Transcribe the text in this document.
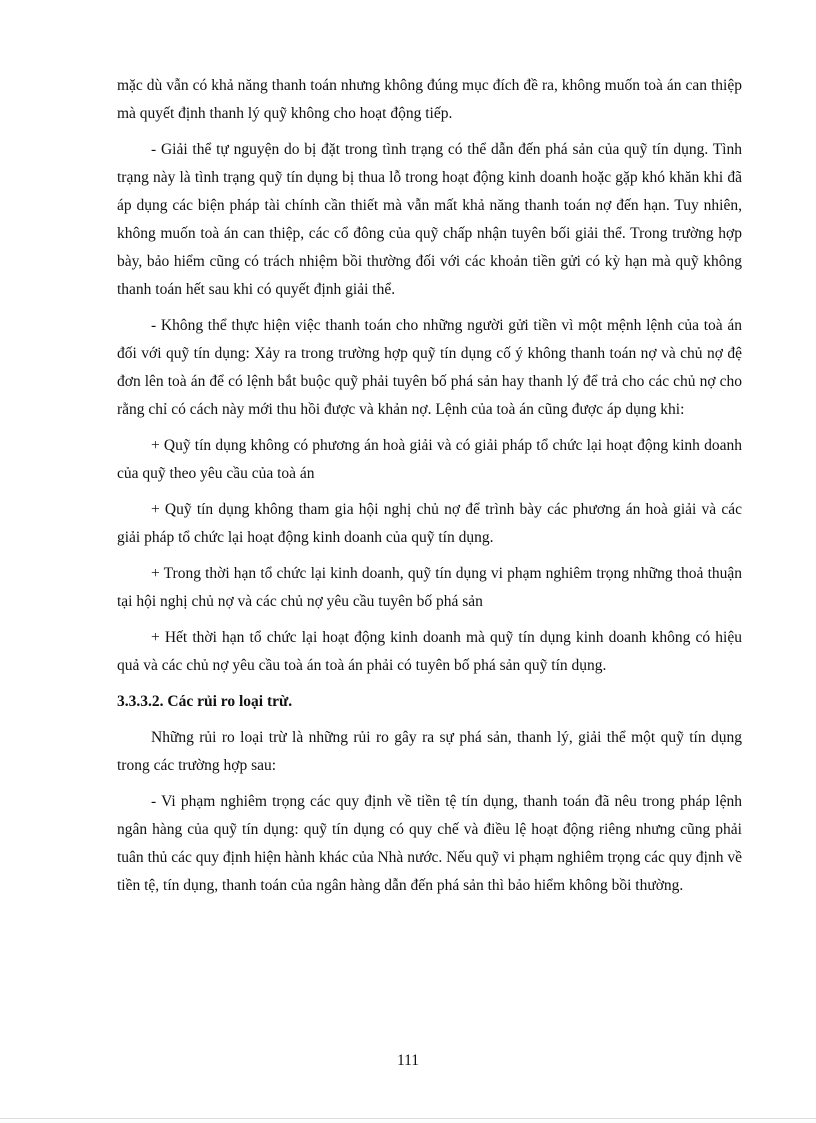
mặc dù vẫn có khả năng thanh toán nhưng không đúng mục đích đề ra, không muốn toà án can thiệp mà quyết định thanh lý quỹ không cho hoạt động tiếp.

- Giải thể tự nguyện do bị đặt trong tình trạng có thể dẫn đến phá sản của quỹ tín dụng. Tình trạng này là tình trạng quỹ tín dụng bị thua lỗ trong hoạt động kinh doanh hoặc gặp khó khăn khi đã áp dụng các biện pháp tài chính cần thiết mà vẫn mất khả năng thanh toán nợ đến hạn. Tuy nhiên, không muốn toà án can thiệp, các cổ đông của quỹ chấp nhận tuyên bối giải thể. Trong trường hợp bày, bảo hiểm cũng có trách nhiệm bồi thường đối với các khoản tiền gửi có kỳ hạn mà quỹ không thanh toán hết sau khi có quyết định giải thể.

- Không thể thực hiện việc thanh toán cho những người gửi tiền vì một mệnh lệnh của toà án đối với quỹ tín dụng: Xảy ra trong trường hợp quỹ tín dụng cố ý không thanh toán nợ và chủ nợ đệ đơn lên toà án để có lệnh bắt buộc quỹ phải tuyên bố phá sản hay thanh lý để trả cho các chủ nợ cho rằng chỉ có cách này mới thu hồi được và khản nợ. Lệnh của toà án cũng được áp dụng khi:

+ Quỹ tín dụng không có phương án hoà giải và có giải pháp tổ chức lại hoạt động kinh doanh của quỹ theo yêu cầu của toà án

+ Quỹ tín dụng không tham gia hội nghị chủ nợ để trình bày các phương án hoà giải và các giải pháp tổ chức lại hoạt động kinh doanh của quỹ tín dụng.

+ Trong thời hạn tổ chức lại kinh doanh, quỹ tín dụng vi phạm nghiêm trọng những thoả thuận tại hội nghị chủ nợ và các chủ nợ yêu cầu tuyên bố phá sản

+ Hết thời hạn tổ chức lại hoạt động kinh doanh mà quỹ tín dụng kinh doanh không có hiệu quả và các chủ nợ yêu cầu toà án toà án phải có tuyên bố phá sản quỹ tín dụng.

3.3.3.2. Các rủi ro loại trừ.

Những rủi ro loại trừ là những rủi ro gây ra sự phá sản, thanh lý, giải thể một quỹ tín dụng trong các trường hợp sau:

- Vi phạm nghiêm trọng các quy định về tiền tệ tín dụng, thanh toán đã nêu trong pháp lệnh ngân hàng của quỹ tín dụng: quỹ tín dụng có quy chế và điều lệ hoạt động riêng nhưng cũng phải tuân thủ các quy định hiện hành khác của Nhà nước. Nếu quỹ vi phạm nghiêm trọng các quy định về tiền tệ, tín dụng, thanh toán của ngân hàng dẫn đến phá sản thì bảo hiểm không bồi thường.

111
